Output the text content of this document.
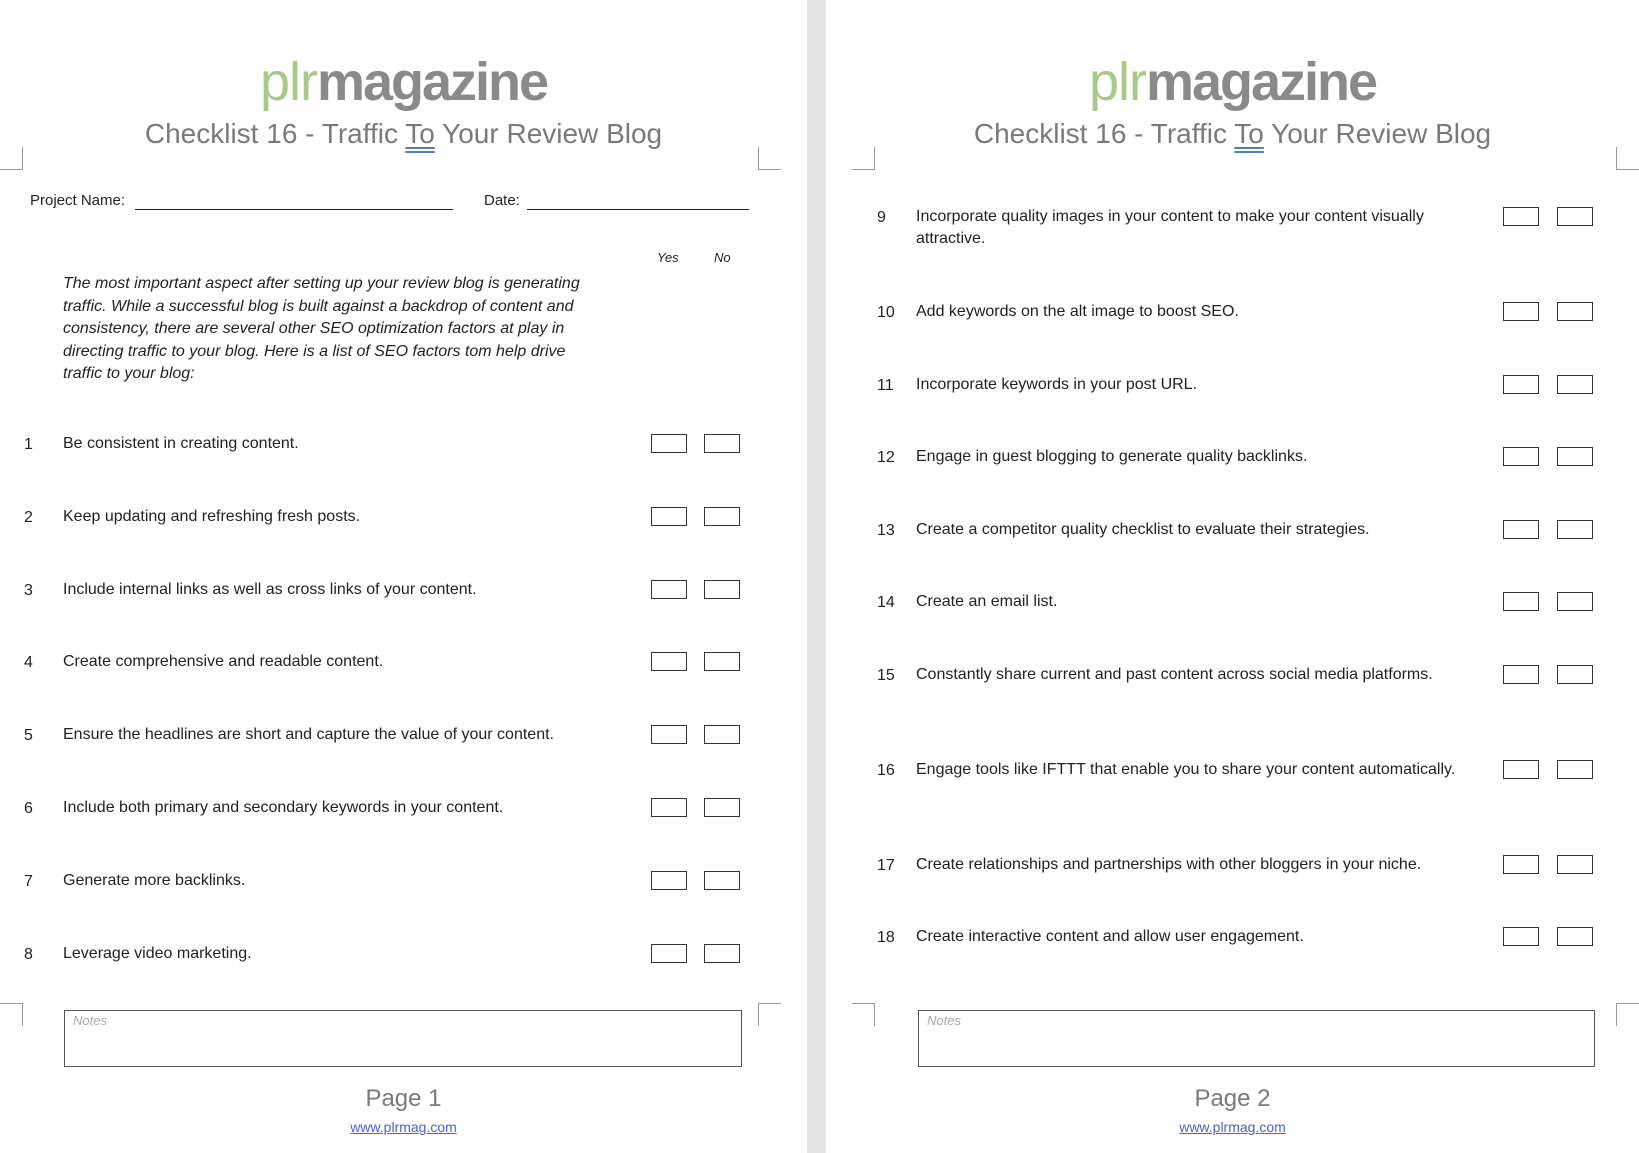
plrmagazine
Checklist 16 - Traffic To Your Review Blog
Project Name:	Date:
Yes	No
The most important aspect after setting up your review blog is generating traffic. While a successful blog is built against a backdrop of content and consistency, there are several other SEO optimization factors at play in directing traffic to your blog. Here is a list of SEO factors tom help drive traffic to your blog:
1 Be consistent in creating content.
2 Keep updating and refreshing fresh posts.
3 Include internal links as well as cross links of your content.
4 Create comprehensive and readable content.
5 Ensure the headlines are short and capture the value of your content.
6 Include both primary and secondary keywords in your content.
7 Generate more backlinks.
8 Leverage video marketing.
Notes
Page 1
www.plrmag.com
plrmagazine
Checklist 16 - Traffic To Your Review Blog
9 Incorporate quality images in your content to make your content visually attractive.
10 Add keywords on the alt image to boost SEO.
11 Incorporate keywords in your post URL.
12 Engage in guest blogging to generate quality backlinks.
13 Create a competitor quality checklist to evaluate their strategies.
14 Create an email list.
15 Constantly share current and past content across social media platforms.
16 Engage tools like IFTTT that enable you to share your content automatically.
17 Create relationships and partnerships with other bloggers in your niche.
18 Create interactive content and allow user engagement.
Notes
Page 2
www.plrmag.com
